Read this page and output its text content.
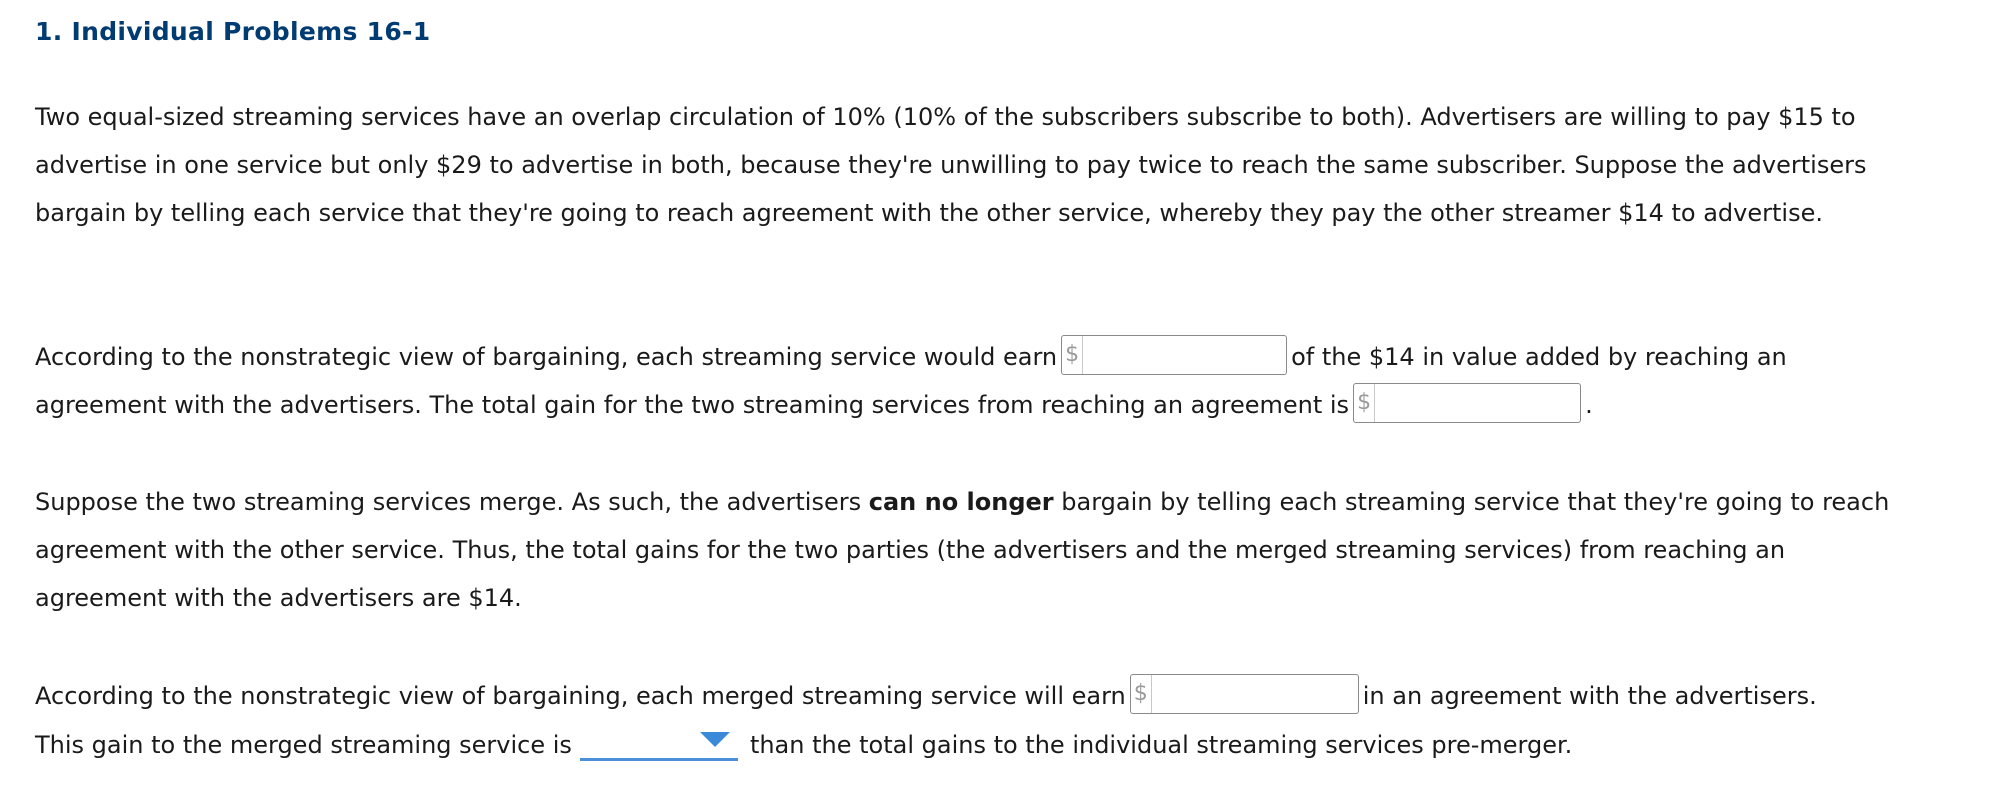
1. Individual Problems 16-1

Two equal-sized streaming services have an overlap circulation of 10% (10% of the subscribers subscribe to both). Advertisers are willing to pay $15 to advertise in one service but only $29 to advertise in both, because they're unwilling to pay twice to reach the same subscriber. Suppose the advertisers bargain by telling each service that they're going to reach agreement with the other service, whereby they pay the other streamer $14 to advertise.

According to the nonstrategic view of bargaining, each streaming service would earn $	of the $14 in value added by reaching an agreement with the advertisers. The total gain for the two streaming services from reaching an agreement is $	.

Suppose the two streaming services merge. As such, the advertisers can no longer bargain by telling each streaming service that they're going to reach agreement with the other service. Thus, the total gains for the two parties (the advertisers and the merged streaming services) from reaching an agreement with the advertisers are $14.

According to the nonstrategic view of bargaining, each merged streaming service will earn $	in an agreement with the advertisers.
This gain to the merged streaming service is	than the total gains to the individual streaming services pre-merger.
